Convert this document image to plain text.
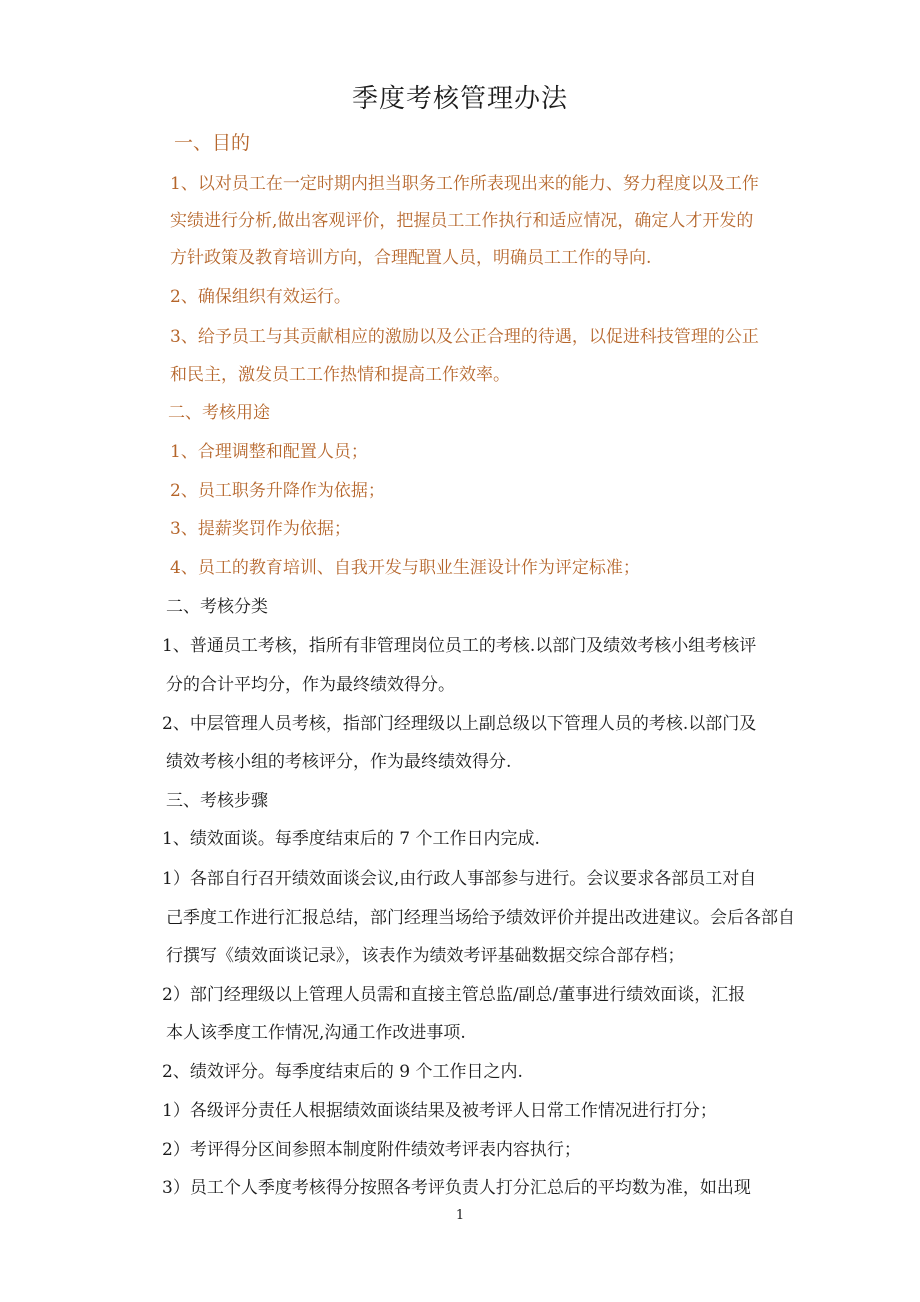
季度考核管理办法
一、目的
1、以对员工在一定时期内担当职务工作所表现出来的能力、努力程度以及工作
实绩进行分析,做出客观评价，把握员工工作执行和适应情况，确定人才开发的
方针政策及教育培训方向，合理配置人员，明确员工工作的导向.
2、确保组织有效运行。
3、给予员工与其贡献相应的激励以及公正合理的待遇，以促进科技管理的公正
和民主，激发员工工作热情和提高工作效率。
二、考核用途
1、合理调整和配置人员；
2、员工职务升降作为依据；
3、提薪奖罚作为依据；
4、员工的教育培训、自我开发与职业生涯设计作为评定标准；
二、考核分类
1、普通员工考核，指所有非管理岗位员工的考核.以部门及绩效考核小组考核评
分的合计平均分，作为最终绩效得分。
2、中层管理人员考核，指部门经理级以上副总级以下管理人员的考核.以部门及
绩效考核小组的考核评分，作为最终绩效得分.
三、考核步骤
1、绩效面谈。每季度结束后的 7 个工作日内完成.
1）各部自行召开绩效面谈会议,由行政人事部参与进行。会议要求各部员工对自
己季度工作进行汇报总结，部门经理当场给予绩效评价并提出改进建议。会后各部自
行撰写《绩效面谈记录》，该表作为绩效考评基础数据交综合部存档；
2）部门经理级以上管理人员需和直接主管总监/副总/董事进行绩效面谈，汇报
本人该季度工作情况,沟通工作改进事项.
2、绩效评分。每季度结束后的 9 个工作日之内.
1）各级评分责任人根据绩效面谈结果及被考评人日常工作情况进行打分；
2）考评得分区间参照本制度附件绩效考评表内容执行；
3）员工个人季度考核得分按照各考评负责人打分汇总后的平均数为准，如出现
1
